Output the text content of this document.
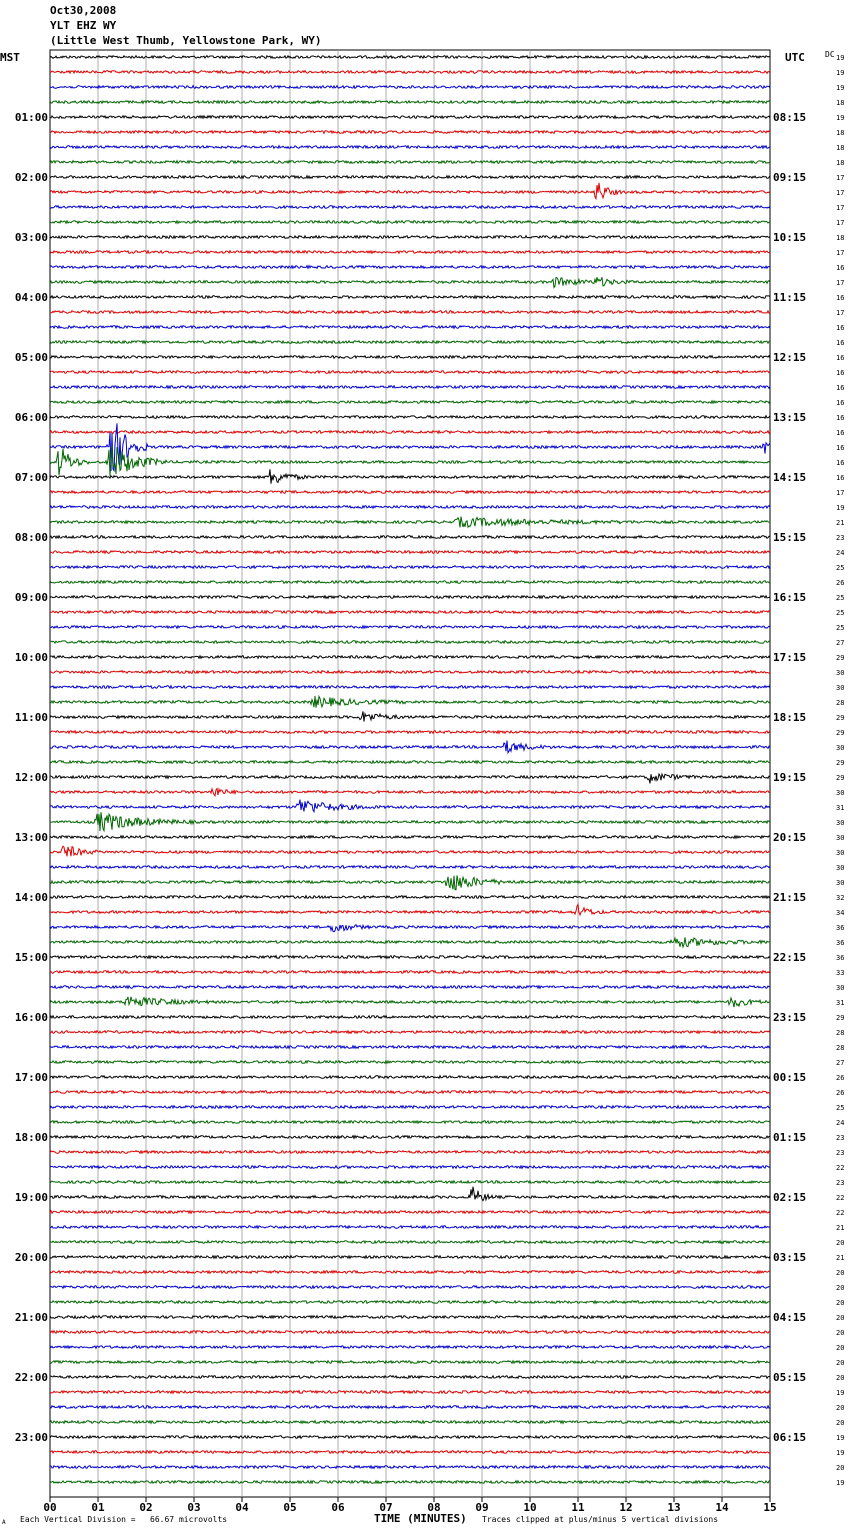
Oct30,2008
YLT EHZ WY
(Little West Thumb, Yellowstone Park, WY)
MST	UTC	DC
00	01	02	03	04	05	06	07	08	09	10	11	12	13	14	15
19
19
19
18
19
18
18
18
17
17
17
17
18
17
16
17
16
17
16
16
16
16
16
16
16
16
16
16
16
17
19
21
23
24
25
26
25
25
25
27
29
30
30
28
29
29
30
29
29
30
31
30
30
30
30
30
32
34
36
36
36
33
30
31
29
28
28
27
26
26
25
24
23
23
22
23
22
22
21
20
21
20
20
20
20
20
20
20
20
19
20
20
19
19
20
19
01:00
02:00
03:00
04:00
05:00
06:00
07:00
08:00
09:00
10:00
11:00
12:00
13:00
14:00
15:00
16:00
17:00
18:00
19:00
20:00
21:00
22:00
23:00
08:15
09:15
10:15
11:15
12:15
13:15
14:15
15:15
16:15
17:15
18:15
19:15
20:15
21:15
22:15
23:15
00:15
01:15
02:15
03:15
04:15
05:15
06:15
TIME (MINUTES)
Each Vertical Division =   66.67 microvolts	Traces clipped at plus/minus 5 vertical divisions
A
